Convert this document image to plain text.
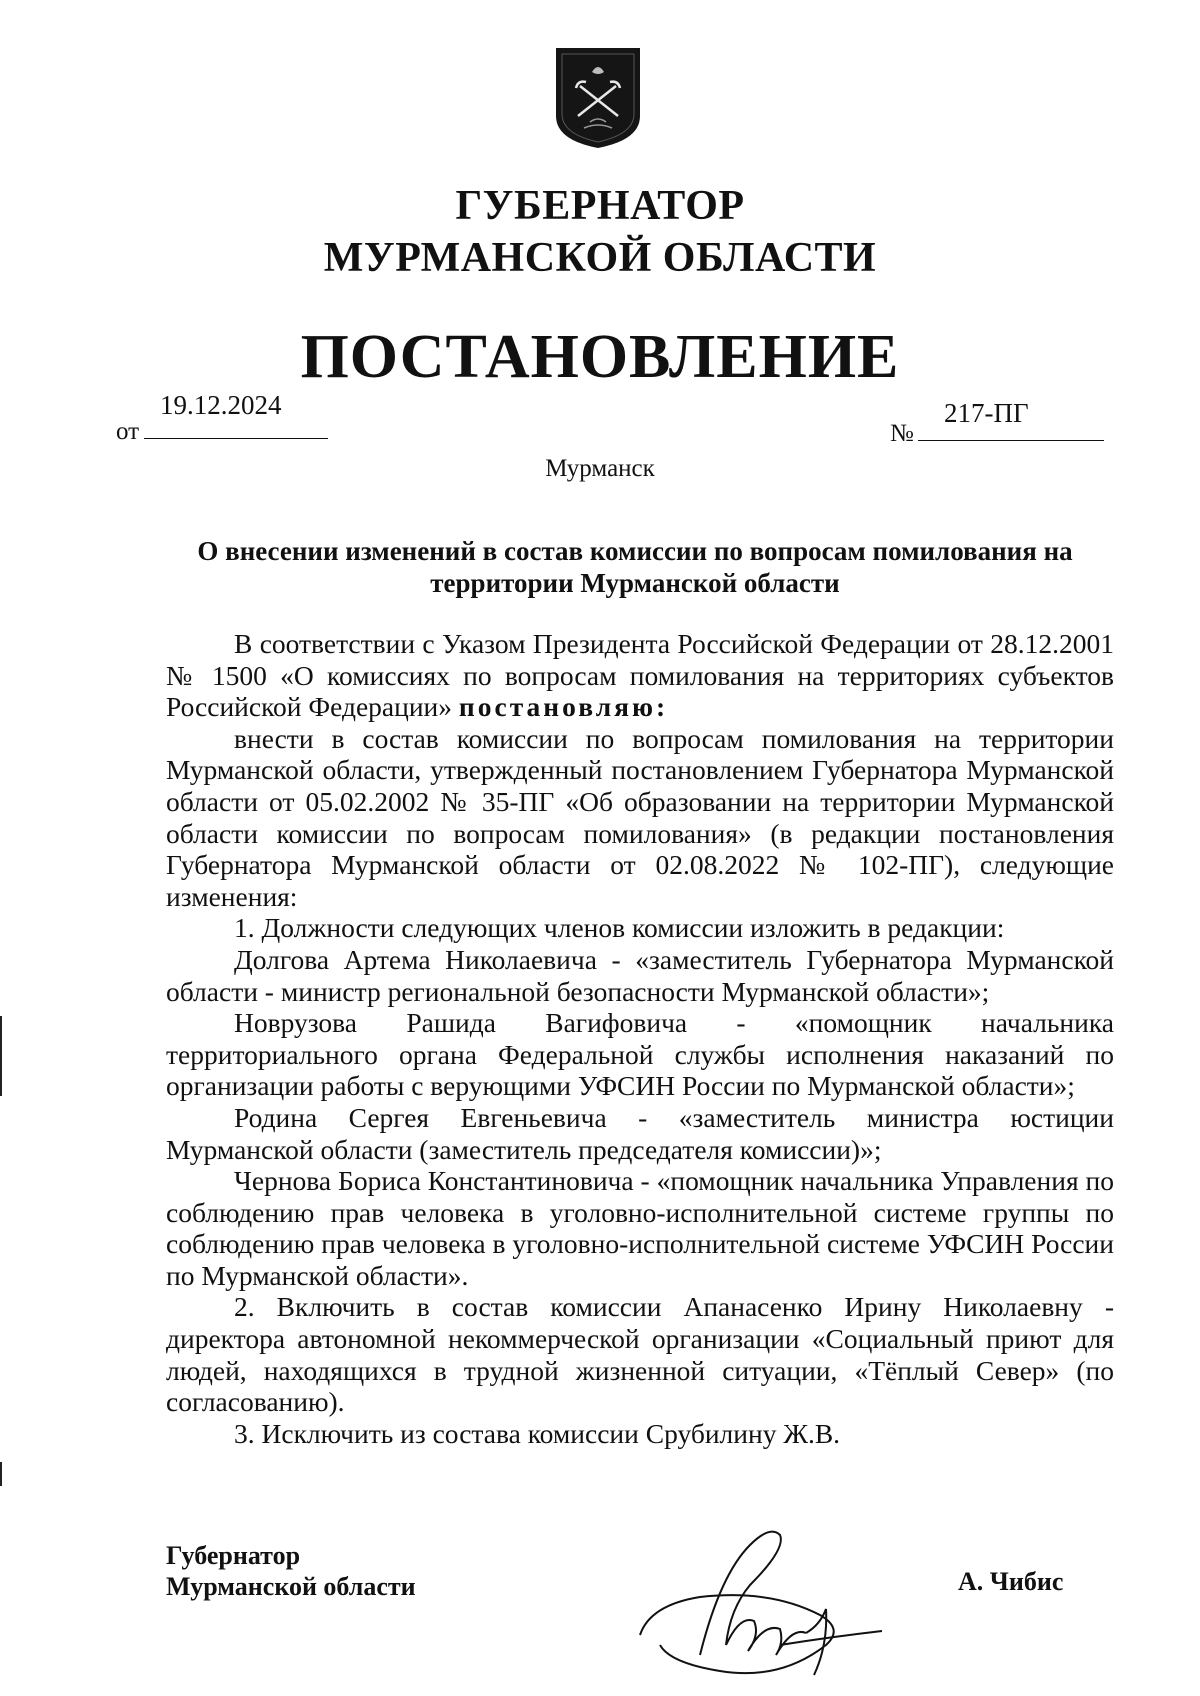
ГУБЕРНАТОР
МУРМАНСКОЙ ОБЛАСТИ
ПОСТАНОВЛЕНИЕ
19.12.2024
от
217-ПГ
№
Мурманск
О внесении изменений в состав комиссии по вопросам помилования на
территории Мурманской области

В соответствии с Указом Президента Российской Федерации от 28.12.2001 № 1500 «О комиссиях по вопросам помилования на территориях субъектов Российской Федерации» постановляю:

внести в состав комиссии по вопросам помилования на территории Мурманской области, утвержденный постановлением Губернатора Мурманской области от 05.02.2002 № 35-ПГ «Об образовании на территории Мурманской области комиссии по вопросам помилования» (в редакции постановления Губернатора Мурманской области от 02.08.2022 № 102-ПГ), следующие изменения:

1. Должности следующих членов комиссии изложить в редакции:

Долгова Артема Николаевича - «заместитель Губернатора Мурманской области - министр региональной безопасности Мурманской области»;

Новрузова Рашида Вагифовича - «помощник начальника территориального органа Федеральной службы исполнения наказаний по организации работы с верующими УФСИН России по Мурманской области»;

Родина Сергея Евгеньевича - «заместитель министра юстиции Мурманской области (заместитель председателя комиссии)»;

Чернова Бориса Константиновича - «помощник начальника Управления по соблюдению прав человека в уголовно-исполнительной системе группы по соблюдению прав человека в уголовно-исполнительной системе УФСИН России по Мурманской области».

2. Включить в состав комиссии Апанасенко Ирину Николаевну - директора автономной некоммерческой организации «Социальный приют для людей, находящихся в трудной жизненной ситуации, «Тёплый Север» (по согласованию).

3. Исключить из состава комиссии Срубилину Ж.В.

Губернатор
Мурманской области	А. Чибис
